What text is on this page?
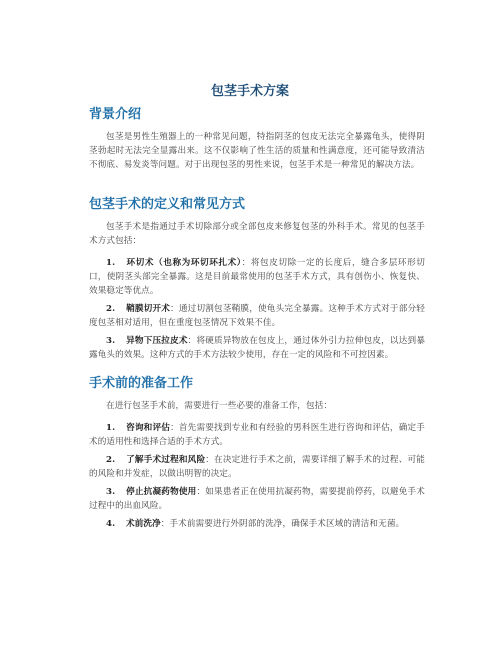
包茎手术方案
背景介绍

包茎是男性生殖器上的一种常见问题，特指阴茎的包皮无法完全暴露龟头，使得阴茎勃起时无法完全显露出来。这不仅影响了性生活的质量和性满意度，还可能导致清洁不彻底、易发炎等问题。对于出现包茎的男性来说，包茎手术是一种常见的解决方法。

包茎手术的定义和常见方式

包茎手术是指通过手术切除部分或全部包皮来修复包茎的外科手术。常见的包茎手术方式包括：

1. 环切术（也称为环切环扎术）：将包皮切除一定的长度后，缝合多层环形切口，使阴茎头部完全暴露。这是目前最常使用的包茎手术方式，具有创伤小、恢复快、效果稳定等优点。

2. 鞘膜切开术：通过切割包茎鞘膜，使龟头完全暴露。这种手术方式对于部分轻度包茎相对适用，但在重度包茎情况下效果不佳。

3. 异物下压拉皮术：将硬质异物放在包皮上，通过体外引力拉伸包皮，以达到暴露龟头的效果。这种方式的手术方法较少使用，存在一定的风险和不可控因素。

手术前的准备工作

在进行包茎手术前，需要进行一些必要的准备工作，包括：

1. 咨询和评估：首先需要找到专业和有经验的男科医生进行咨询和评估，确定手术的适用性和选择合适的手术方式。

2. 了解手术过程和风险：在决定进行手术之前，需要详细了解手术的过程、可能的风险和并发症，以做出明智的决定。

3. 停止抗凝药物使用：如果患者正在使用抗凝药物，需要提前停药，以避免手术过程中的出血风险。

4. 术前洗净：手术前需要进行外阴部的洗净，确保手术区域的清洁和无菌。
